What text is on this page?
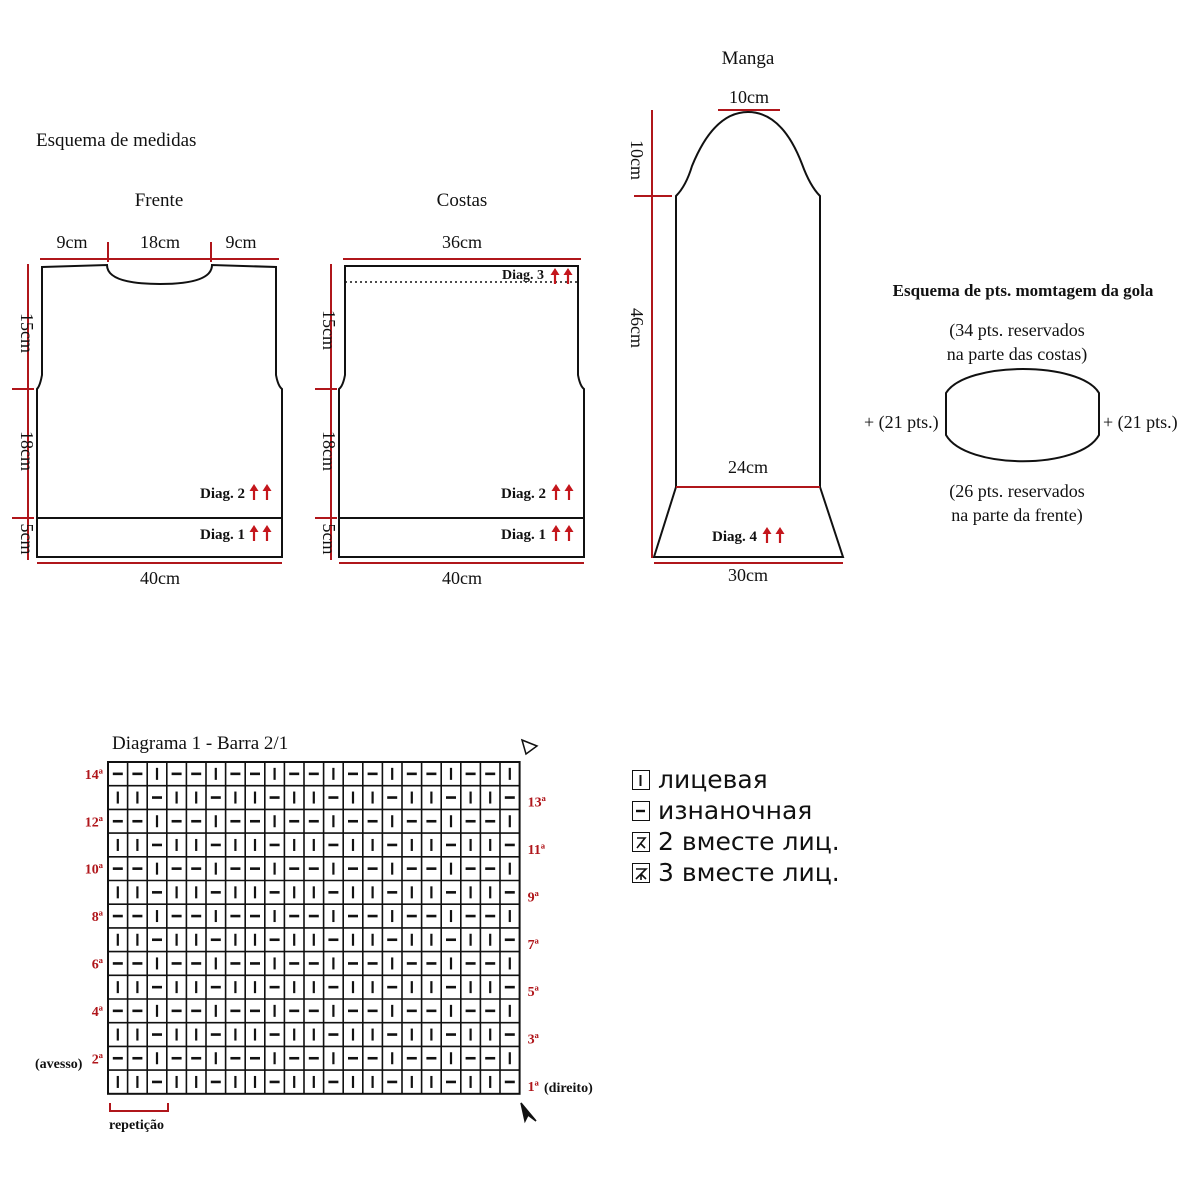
Esquema de medidas
Frente	Costas
Manga
Esquema de pts. momtagem da gola
9cm	18cm	9cm
15cm
18cm
5cm
40cm
Diag. 2
Diag. 1
36cm
Diag. 3
15cm
18cm
5cm
40cm
Diag. 2
Diag. 1
24cm
10cm
10cm
46cm
30cm
Diag. 4
(34 pts. reservados
na parte das costas)
+ (21 pts.)	+ (21 pts.)
(26 pts. reservados
na parte da frente)
Diagrama 1 - Barra 2/1
14ª
12ª
10ª
8ª
6ª
4ª
2ª
13ª
11ª
9ª
7ª
5ª
3ª
1ª
(avesso)
(direito)
repetição
лицевая
изнаночная
2 вместе лиц.
3 вместе лиц.
